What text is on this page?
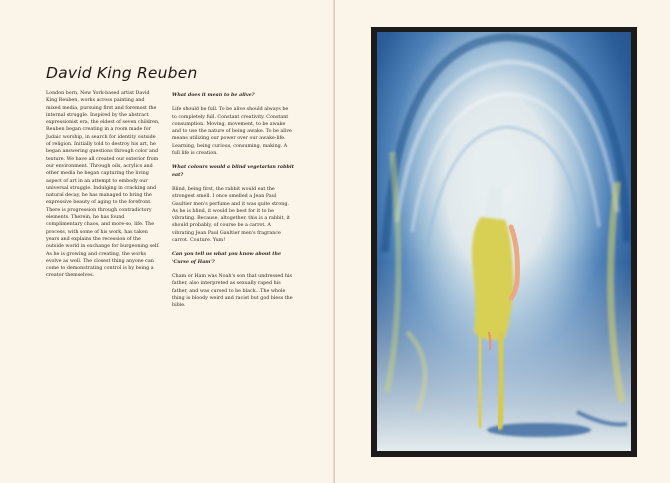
David King Reuben

London born, New York-based artist David King Reuben, works across painting and mixed media, pursuing first and foremost the internal struggle. Inspired by the abstract expressionist era, the eldest of seven children, Reuben began creating in a room made for Judaic worship, in search for identity outside of religion. Initially told to destroy his art, he began answering questions through color and texture. We have all created our exterior from our environment. Through oils, acrylics and other media he began capturing the living aspect of art in an attempt to embody our universal struggle. Indulging in cracking and natural decay, he has managed to bring the expressive beauty of aging to the forefront. There is progression through contradictory elements. Therein, he has found complimentary chaos, and more-so, life. The process, with some of his work, has taken years and explains the recession of the outside world in exchange for burgeoning self. As he is growing and creating, the works evolve as well. The closest thing anyone can come to demonstrating control is by being a creator themselves.

What does it mean to be alive?

Life should be full. To be alive should always be to completely full. Constant creativity. Constant consumption. Moving, movement, to be awake and to use the nature of being awake. To be alive means utilizing our power over our awake-life. Learning, being curious, consuming, making. A full life is creation.

What colours would a blind vegetarian rabbit eat?

Blind, being first, the rabbit would eat the strongest smell. I once smelled a Jean Paul Gaultier men's perfume and it was quite strong. As he is blind, it would be best for it to be vibrating. Because, altogether, this is a rabbit, it should probably, of course be a carrot. A vibrating Jean Paul Gaultier men's fragrance carrot. Couture. Yum!

Can you tell us what you know about the 'Curse of Ham'?

Cham or Ham was Noah's son that undressed his father, also interpreted as sexually raped his father, and was cursed to be black...The whole thing is bloody weird and racist but god bless the bible.
